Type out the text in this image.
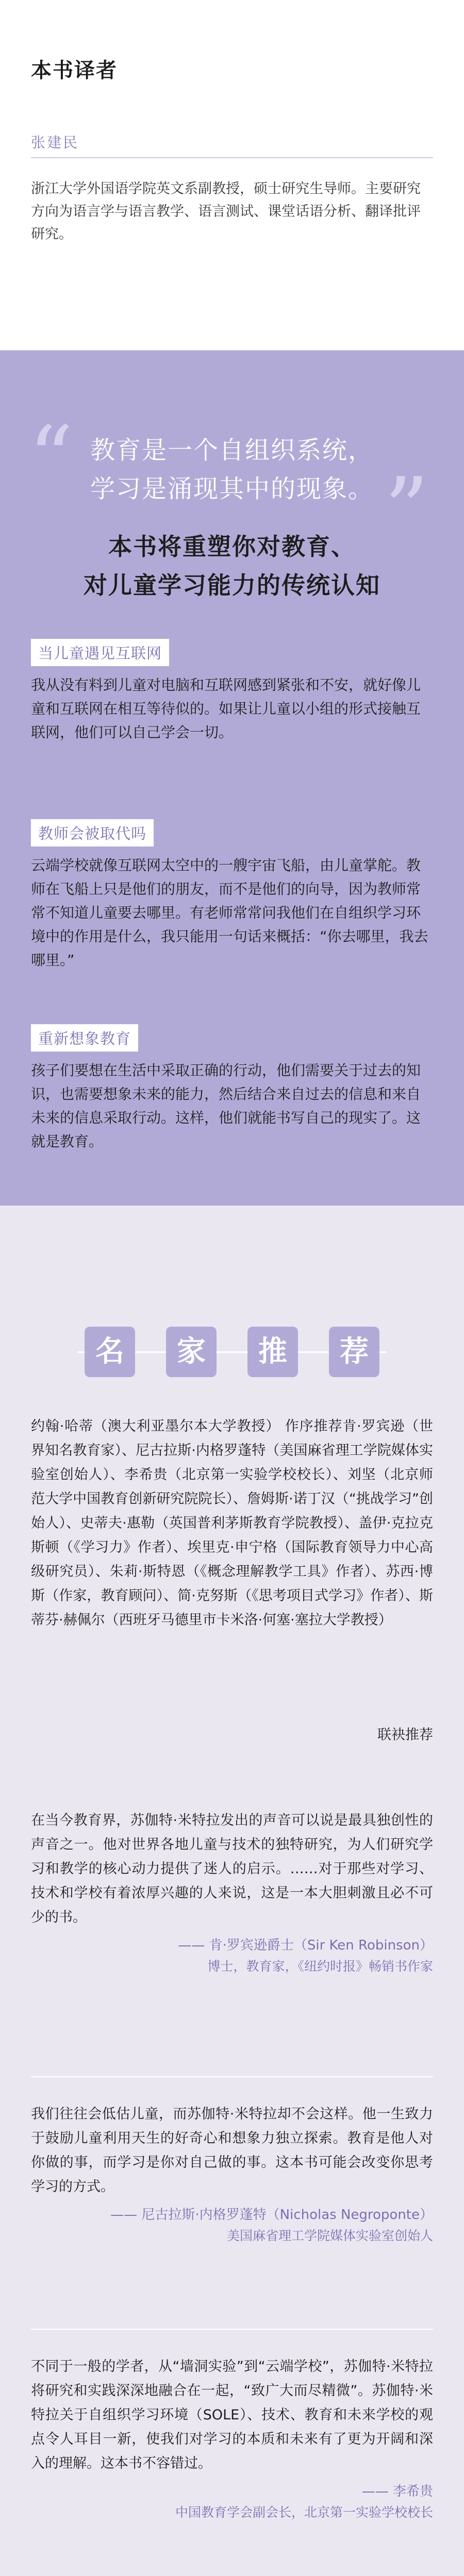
本书译者
张建民
浙江大学外国语学院英文系副教授，硕士研究生导师。主要研究方向为语言学与语言教学、语言测试、课堂话语分析、翻译批评研究。
“
”
教育是一个自组织系统，
学习是涌现其中的现象。
本书将重塑你对教育、
对儿童学习能力的传统认知
当儿童遇见互联网
我从没有料到儿童对电脑和互联网感到紧张和不安，就好像儿童和互联网在相互等待似的。如果让儿童以小组的形式接触互联网，他们可以自己学会一切。
教师会被取代吗
云端学校就像互联网太空中的一艘宇宙飞船，由儿童掌舵。教师在飞船上只是他们的朋友，而不是他们的向导，因为教师常常不知道儿童要去哪里。有老师常常问我他们在自组织学习环境中的作用是什么，我只能用一句话来概括：“你去哪里，我去哪里。”
重新想象教育
孩子们要想在生活中采取正确的行动，他们需要关于过去的知识，也需要想象未来的能力，然后结合来自过去的信息和来自未来的信息采取行动。这样，他们就能书写自己的现实了。这就是教育。
名 家 推 荐
约翰·哈蒂（澳大利亚墨尔本大学教授） 作序推荐肯·罗宾逊（世界知名教育家）、尼古拉斯·内格罗蓬特（美国麻省理工学院媒体实验室创始人）、李希贵（北京第一实验学校校长）、刘坚（北京师范大学中国教育创新研究院院长）、詹姆斯·诺丁汉（“挑战学习”创始人）、史蒂夫·惠勒（英国普利茅斯教育学院教授）、盖伊·克拉克斯顿（《学习力》作者）、埃里克·申宁格（国际教育领导力中心高级研究员）、朱莉·斯特恩（《概念理解教学工具》作者）、苏西·博斯（作家，教育顾问）、简·克努斯（《思考项目式学习》作者）、斯蒂芬·赫佩尔（西班牙马德里市卡米洛·何塞·塞拉大学教授）
联袂推荐
在当今教育界，苏伽特·米特拉发出的声音可以说是最具独创性的声音之一。他对世界各地儿童与技术的独特研究，为人们研究学习和教学的核心动力提供了迷人的启示。……对于那些对学习、技术和学校有着浓厚兴趣的人来说，这是一本大胆刺激且必不可少的书。
—— 肯·罗宾逊爵士（Sir Ken Robinson）
博士，教育家，《纽约时报》畅销书作家
我们往往会低估儿童，而苏伽特·米特拉却不会这样。他一生致力于鼓励儿童利用天生的好奇心和想象力独立探索。教育是他人对你做的事，而学习是你对自己做的事。这本书可能会改变你思考学习的方式。
—— 尼古拉斯·内格罗蓬特（Nicholas Negroponte）
美国麻省理工学院媒体实验室创始人
不同于一般的学者，从“墙洞实验”到“云端学校”，苏伽特·米特拉将研究和实践深深地融合在一起，“致广大而尽精微”。苏伽特·米特拉关于自组织学习环境（SOLE）、技术、教育和未来学校的观点令人耳目一新，使我们对学习的本质和未来有了更为开阔和深入的理解。这本书不容错过。
—— 李希贵
中国教育学会副会长，北京第一实验学校校长
